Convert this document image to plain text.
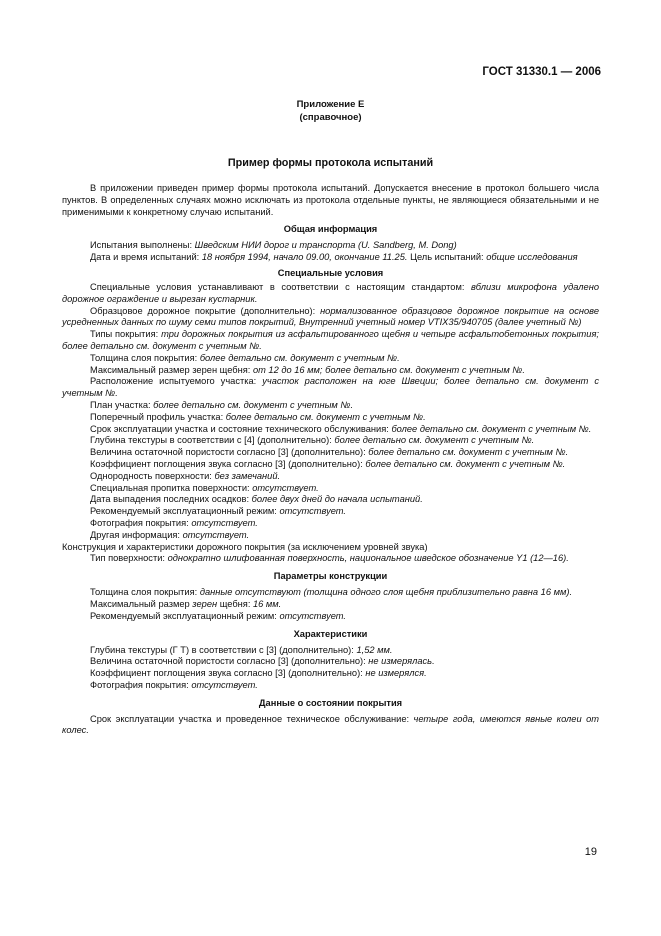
ГОСТ 31330.1 — 2006
Приложение Е
(справочное)
Пример формы протокола испытаний

В приложении приведен пример формы протокола испытаний. Допускается внесение в протокол большего числа пунктов. В определенных случаях можно исключать из протокола отдельные пункты, не являющиеся обязательными и не применимыми к конкретному случаю испытаний.

Общая информация

Испытания выполнены: Шведским НИИ дорог и транспорта (U. Sandberg, M. Dong)

Дата и время испытаний: 18 ноября 1994, начало 09.00, окончание 11.25. Цель испытаний: общие исследования

Специальные условия

Специальные условия устанавливают в соответствии с настоящим стандартом: вблизи микрофона удалено дорожное ограждение и вырезан кустарник.

Образцовое дорожное покрытие (дополнительно): нормализованное образцовое дорожное покрытие на основе усредненных данных по шуму семи типов покрытий, Внутренний учетный номер VTIX35/940705 (далее учетный №)

Типы покрытия: три дорожных покрытия из асфальтированного щебня и четыре асфальтобетонных покрытия; более детально см. документ с учетным №.

Толщина слоя покрытия: более детально см. документ с учетным №.

Максимальный размер зерен щебня: от 12 до 16 мм; более детально см. документ с учетным №.

Расположение испытуемого участка: участок расположен на юге Швеции; более детально см. документ с учетным №.

План участка: более детально см. документ с учетным №.

Поперечный профиль участка: более детально см. документ с учетным №.

Срок эксплуатации участка и состояние технического обслуживания: более детально см. документ с учетным №.

Глубина текстуры в соответствии с [4] (дополнительно): более детально см. документ с учетным №.

Величина остаточной пористости согласно [3] (дополнительно): более детально см. документ с учетным №.

Коэффициент поглощения звука согласно [3] (дополнительно): более детально см. документ с учетным №.

Однородность поверхности: без замечаний.

Специальная пропитка поверхности: отсутствует.

Дата выпадения последних осадков: более двух дней до начала испытаний.

Рекомендуемый эксплуатационный режим: отсутствует.

Фотография покрытия: отсутствует.

Другая информация: отсутствует.

Конструкция и характеристики дорожного покрытия (за исключением уровней звука)

Тип поверхности: однократно шлифованная поверхность, национальное шведское обозначение Y1 (12—16).

Параметры конструкции

Толщина слоя покрытия: данные отсутствуют (толщина одного слоя щебня приблизительно равна 16 мм).

Максимальный размер зерен щебня: 16 мм.

Рекомендуемый эксплуатационный режим: отсутствует.

Характеристики

Глубина текстуры (Г Т) в соответствии с [3] (дополнительно): 1,52 мм.

Величина остаточной пористости согласно [3] (дополнительно): не измерялась.

Коэффициент поглощения звука согласно [3] (дополнительно): не измерялся.

Фотография покрытия: отсутствует.

Данные о состоянии покрытия

Срок эксплуатации участка и проведенное техническое обслуживание: четыре года, имеются явные колеи от колес.

19
